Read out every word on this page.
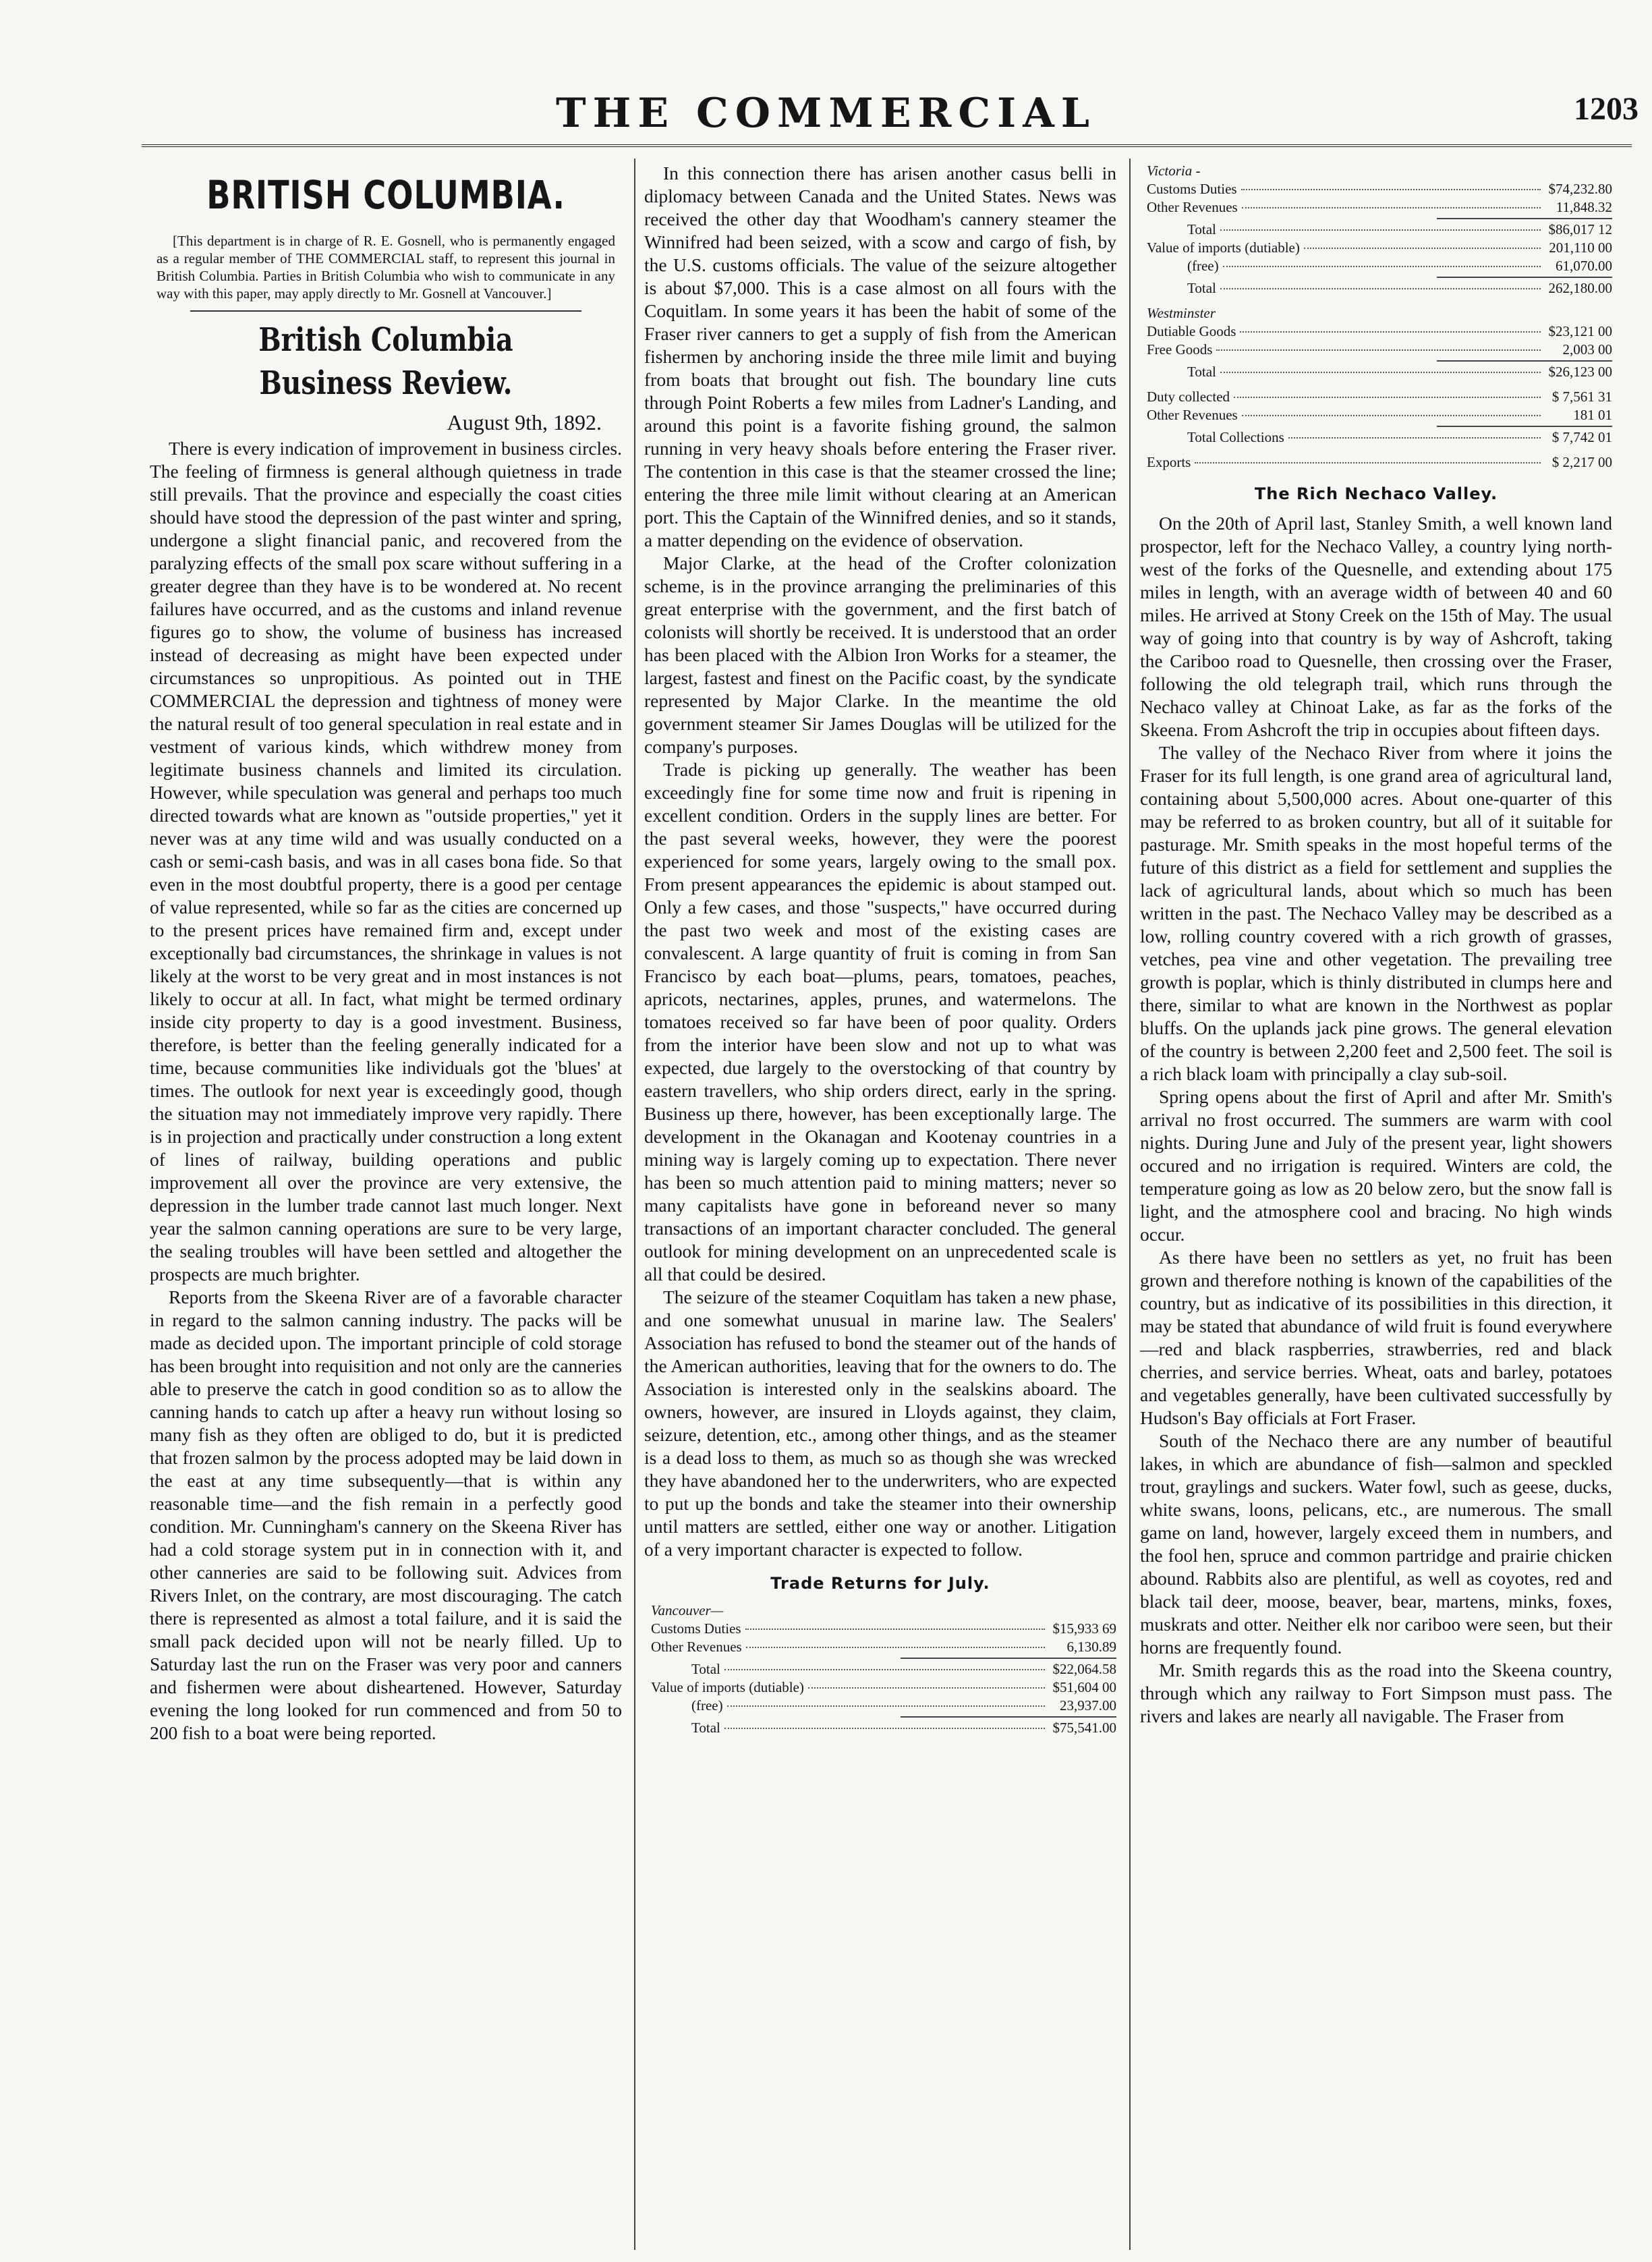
THE COMMERCIAL	1203
BRITISH COLUMBIA.

[This department is in charge of R. E. Gosnell, who is permanently engaged as a regular member of THE COMMERCIAL staff, to represent this journal in British Columbia. Parties in British Columbia who wish to communicate in any way with this paper, may apply directly to Mr. Gosnell at Vancouver.]

British Columbia Business Review.
August 9th, 1892.

There is every indication of improvement in business circles. The feeling of firmness is general although quietness in trade still prevails. That the province and especially the coast cities should have stood the depression of the past winter and spring, undergone a slight financial panic, and recovered from the paralyzing effects of the small pox scare without suffering in a greater degree than they have is to be wondered at. No recent failures have occurred, and as the customs and inland revenue figures go to show, the volume of business has increased instead of decreasing as might have been expected under circumstances so unpropitious. As pointed out in THE COMMERCIAL the depression and tightness of money were the natural result of too general speculation in real estate and in vestment of various kinds, which withdrew money from legitimate business channels and limited its circulation. However, while speculation was general and perhaps too much directed towards what are known as "outside properties," yet it never was at any time wild and was usually conducted on a cash or semi-cash basis, and was in all cases bona fide. So that even in the most doubtful property, there is a good per centage of value represented, while so far as the cities are concerned up to the present prices have remained firm and, except under exceptionally bad circumstances, the shrinkage in values is not likely at the worst to be very great and in most instances is not likely to occur at all. In fact, what might be termed ordinary inside city property to day is a good investment. Business, therefore, is better than the feeling generally indicated for a time, because communities like individuals got the 'blues' at times. The outlook for next year is exceedingly good, though the situation may not immediately improve very rapidly. There is in projection and practically under construction a long extent of lines of railway, building operations and public improvement all over the province are very extensive, the depression in the lumber trade cannot last much longer. Next year the salmon canning operations are sure to be very large, the sealing troubles will have been settled and altogether the prospects are much brighter.

Reports from the Skeena River are of a favorable character in regard to the salmon canning industry. The packs will be made as decided upon. The important principle of cold storage has been brought into requisition and not only are the canneries able to preserve the catch in good condition so as to allow the canning hands to catch up after a heavy run without losing so many fish as they often are obliged to do, but it is predicted that frozen salmon by the process adopted may be laid down in the east at any time subsequently—that is within any reasonable time—and the fish remain in a perfectly good condition. Mr. Cunningham's cannery on the Skeena River has had a cold storage system put in in connection with it, and other canneries are said to be following suit. Advices from Rivers Inlet, on the contrary, are most discouraging. The catch there is represented as almost a total failure, and it is said the small pack decided upon will not be nearly filled. Up to Saturday last the run on the Fraser was very poor and canners and fishermen were about disheartened. However, Saturday evening the long looked for run commenced and from 50 to 200 fish to a boat were being reported.

In this connection there has arisen another casus belli in diplomacy between Canada and the United States. News was received the other day that Woodham's cannery steamer the Winnifred had been seized, with a scow and cargo of fish, by the U.S. customs officials. The value of the seizure altogether is about $7,000. This is a case almost on all fours with the Coquitlam. In some years it has been the habit of some of the Fraser river canners to get a supply of fish from the American fishermen by anchoring inside the three mile limit and buying from boats that brought out fish. The boundary line cuts through Point Roberts a few miles from Ladner's Landing, and around this point is a favorite fishing ground, the salmon running in very heavy shoals before entering the Fraser river. The contention in this case is that the steamer crossed the line; entering the three mile limit without clearing at an American port. This the Captain of the Winnifred denies, and so it stands, a matter depending on the evidence of observation.

Major Clarke, at the head of the Crofter colonization scheme, is in the province arranging the preliminaries of this great enterprise with the government, and the first batch of colonists will shortly be received. It is understood that an order has been placed with the Albion Iron Works for a steamer, the largest, fastest and finest on the Pacific coast, by the syndicate represented by Major Clarke. In the meantime the old government steamer Sir James Douglas will be utilized for the company's purposes.

Trade is picking up generally. The weather has been exceedingly fine for some time now and fruit is ripening in excellent condition. Orders in the supply lines are better. For the past several weeks, however, they were the poorest experienced for some years, largely owing to the small pox. From present appearances the epidemic is about stamped out. Only a few cases, and those "suspects," have occurred during the past two week and most of the existing cases are convalescent. A large quantity of fruit is coming in from San Francisco by each boat—plums, pears, tomatoes, peaches, apricots, nectarines, apples, prunes, and watermelons. The tomatoes received so far have been of poor quality. Orders from the interior have been slow and not up to what was expected, due largely to the overstocking of that country by eastern travellers, who ship orders direct, early in the spring. Business up there, however, has been exceptionally large. The development in the Okanagan and Kootenay countries in a mining way is largely coming up to expectation. There never has been so much attention paid to mining matters; never so many capitalists have gone in beforeand never so many transactions of an important character concluded. The general outlook for mining development on an unprecedented scale is all that could be desired.

The seizure of the steamer Coquitlam has taken a new phase, and one somewhat unusual in marine law. The Sealers' Association has refused to bond the steamer out of the hands of the American authorities, leaving that for the owners to do. The Association is interested only in the sealskins aboard. The owners, however, are insured in Lloyds against, they claim, seizure, detention, etc., among other things, and as the steamer is a dead loss to them, as much so as though she was wrecked they have abandoned her to the underwriters, who are expected to put up the bonds and take the steamer into their ownership until matters are settled, either one way or another. Litigation of a very important character is expected to follow.

Trade Returns for July.
Vancouver—
Customs Duties	$15,933 69
Other Revenues	6,130.89
Total	$22,064.58
Value of imports (dutiable)	$51,604 00
(free)	23,937.00
Total	$75,541.00
Victoria -
Customs Duties	$74,232.80
Other Revenues	11,848.32
Total	$86,017 12
Value of imports (dutiable)	201,110 00
(free)	61,070.00
Total	262,180.00
Westminster
Dutiable Goods	$23,121 00
Free Goods	2,003 00
Total	$26,123 00
Duty collected	$ 7,561 31
Other Revenues	181 01
Total Collections	$ 7,742 01
Exports	$ 2,217 00
The Rich Nechaco Valley.

On the 20th of April last, Stanley Smith, a well known land prospector, left for the Nechaco Valley, a country lying north-west of the forks of the Quesnelle, and extending about 175 miles in length, with an average width of between 40 and 60 miles. He arrived at Stony Creek on the 15th of May. The usual way of going into that country is by way of Ashcroft, taking the Cariboo road to Quesnelle, then crossing over the Fraser, following the old telegraph trail, which runs through the Nechaco valley at Chinoat Lake, as far as the forks of the Skeena. From Ashcroft the trip in occupies about fifteen days.

The valley of the Nechaco River from where it joins the Fraser for its full length, is one grand area of agricultural land, containing about 5,500,000 acres. About one-quarter of this may be referred to as broken country, but all of it suitable for pasturage. Mr. Smith speaks in the most hopeful terms of the future of this district as a field for settlement and supplies the lack of agricultural lands, about which so much has been written in the past. The Nechaco Valley may be described as a low, rolling country covered with a rich growth of grasses, vetches, pea vine and other vegetation. The prevailing tree growth is poplar, which is thinly distributed in clumps here and there, similar to what are known in the Northwest as poplar bluffs. On the uplands jack pine grows. The general elevation of the country is between 2,200 feet and 2,500 feet. The soil is a rich black loam with principally a clay sub-soil.

Spring opens about the first of April and after Mr. Smith's arrival no frost occurred. The summers are warm with cool nights. During June and July of the present year, light showers occured and no irrigation is required. Winters are cold, the temperature going as low as 20 below zero, but the snow fall is light, and the atmosphere cool and bracing. No high winds occur.

As there have been no settlers as yet, no fruit has been grown and therefore nothing is known of the capabilities of the country, but as indicative of its possibilities in this direction, it may be stated that abundance of wild fruit is found everywhere—red and black raspberries, strawberries, red and black cherries, and service berries. Wheat, oats and barley, potatoes and vegetables generally, have been cultivated successfully by Hudson's Bay officials at Fort Fraser.

South of the Nechaco there are any number of beautiful lakes, in which are abundance of fish—salmon and speckled trout, graylings and suckers. Water fowl, such as geese, ducks, white swans, loons, pelicans, etc., are numerous. The small game on land, however, largely exceed them in numbers, and the fool hen, spruce and common partridge and prairie chicken abound. Rabbits also are plentiful, as well as coyotes, red and black tail deer, moose, beaver, bear, martens, minks, foxes, muskrats and otter. Neither elk nor cariboo were seen, but their horns are frequently found.

Mr. Smith regards this as the road into the Skeena country, through which any railway to Fort Simpson must pass. The rivers and lakes are nearly all navigable. The Fraser from
